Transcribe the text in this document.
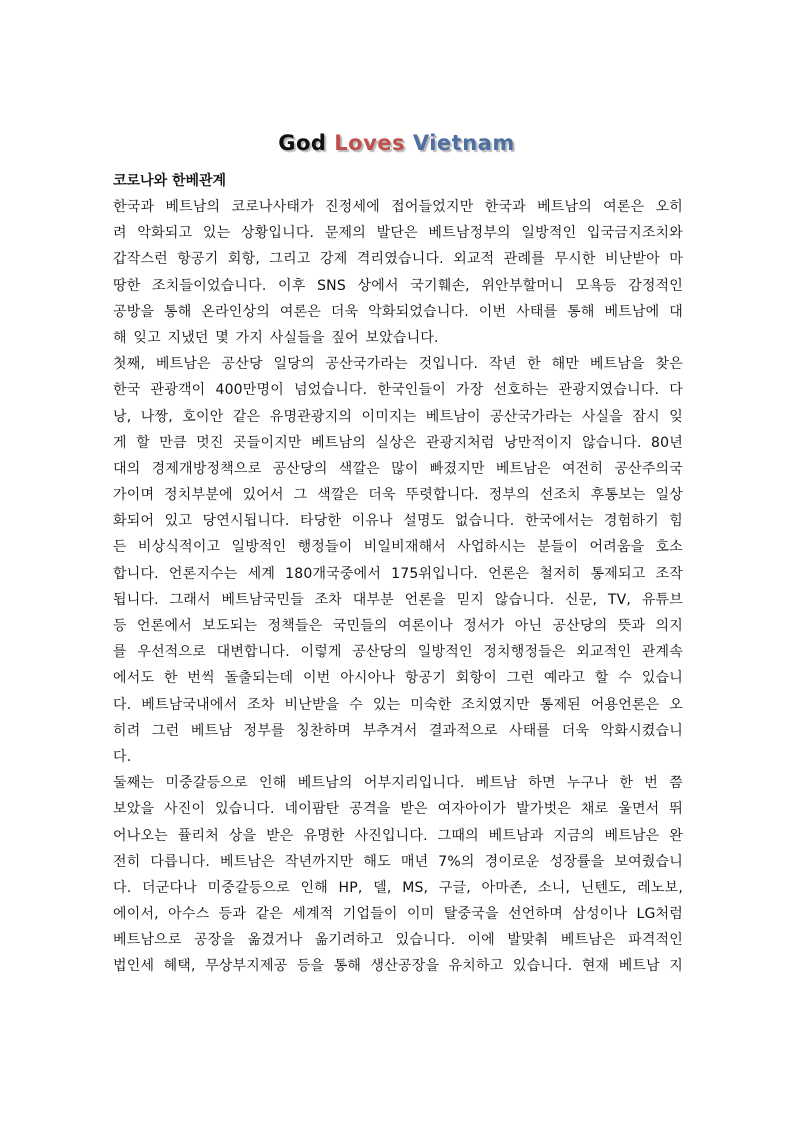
God Loves Vietnam
코로나와 한베관계
한국과 베트남의 코로나사태가 진정세에 접어들었지만 한국과 베트남의 여론은 오히
려 악화되고 있는 상황입니다. 문제의 발단은 베트남정부의 일방적인 입국금지조치와
갑작스런 항공기 회항, 그리고 강제 격리였습니다. 외교적 관례를 무시한 비난받아 마
땅한 조치들이었습니다. 이후 SNS 상에서 국기훼손, 위안부할머니 모욕등 감정적인
공방을 통해 온라인상의 여론은 더욱 악화되었습니다. 이번 사태를 통해 베트남에 대
해 잊고 지냈던 몇 가지 사실들을 짚어 보았습니다.
첫째, 베트남은 공산당 일당의 공산국가라는 것입니다. 작년 한 해만 베트남을 찾은
한국 관광객이 400만명이 넘었습니다. 한국인들이 가장 선호하는 관광지였습니다. 다
낭, 나짱, 호이안 같은 유명관광지의 이미지는 베트남이 공산국가라는 사실을 잠시 잊
게 할 만큼 멋진 곳들이지만 베트남의 실상은 관광지처럼 낭만적이지 않습니다. 80년
대의 경제개방정책으로 공산당의 색깔은 많이 빠졌지만 베트남은 여전히 공산주의국
가이며 정치부분에 있어서 그 색깔은 더욱 뚜렷합니다. 정부의 선조치 후통보는 일상
화되어 있고 당연시됩니다. 타당한 이유나 설명도 없습니다. 한국에서는 경험하기 힘
든 비상식적이고 일방적인 행정들이 비일비재해서 사업하시는 분들이 어려움을 호소
합니다. 언론지수는 세계 180개국중에서 175위입니다. 언론은 철저히 통제되고 조작
됩니다. 그래서 베트남국민들 조차 대부분 언론을 믿지 않습니다. 신문, TV, 유튜브
등 언론에서 보도되는 정책들은 국민들의 여론이나 정서가 아닌 공산당의 뜻과 의지
를 우선적으로 대변합니다. 이렇게 공산당의 일방적인 정치행정들은 외교적인 관계속
에서도 한 번씩 돌출되는데 이번 아시아나 항공기 회항이 그런 예라고 할 수 있습니
다. 베트남국내에서 조차 비난받을 수 있는 미숙한 조치였지만 통제된 어용언론은 오
히려 그런 베트남 정부를 칭찬하며 부추겨서 결과적으로 사태를 더욱 악화시켰습니
다.
둘째는 미중갈등으로 인해 베트남의 어부지리입니다. 베트남 하면 누구나 한 번 쯤
보았을 사진이 있습니다. 네이팜탄 공격을 받은 여자아이가 발가벗은 채로 울면서 뛰
어나오는 퓰리처 상을 받은 유명한 사진입니다. 그때의 베트남과 지금의 베트남은 완
전히 다릅니다. 베트남은 작년까지만 해도 매년 7%의 경이로운 성장률을 보여줬습니
다. 더군다나 미중갈등으로 인해 HP, 델, MS, 구글, 아마존, 소니, 닌텐도, 레노보,
에이서, 아수스 등과 같은 세계적 기업들이 이미 탈중국을 선언하며 삼성이나 LG처럼
베트남으로 공장을 옮겼거나 옮기려하고 있습니다. 이에 발맞춰 베트남은 파격적인
법인세 혜택, 무상부지제공 등을 통해 생산공장을 유치하고 있습니다. 현재 베트남 지
